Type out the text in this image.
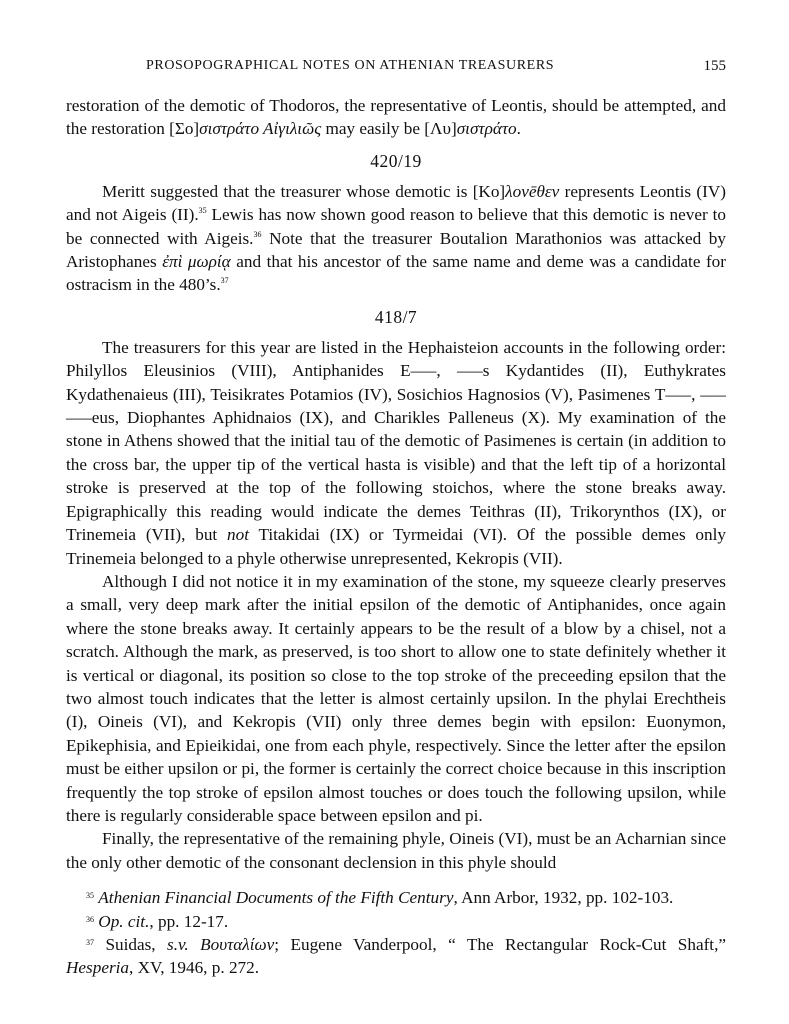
PROSOPOGRAPHICAL NOTES ON ATHENIAN TREASURERS	155

restoration of the demotic of Thodoros, the representative of Leontis, should be attempted, and the restoration [Σο]σιστράτο Αἰγιλιῶς may easily be [Λυ]σιστράτο.

420/19

Meritt suggested that the treasurer whose demotic is [Κο]λονēθεν represents Leontis (IV) and not Aigeis (II).$^{35}$ Lewis has now shown good reason to believe that this demotic is never to be connected with Aigeis.$^{36}$ Note that the treasurer Boutalion Marathonios was attacked by Aristophanes ἐπὶ μωρίᾳ and that his ancestor of the same name and deme was a candidate for ostracism in the 480’s.$^{37}$

418/7

The treasurers for this year are listed in the Hephaisteion accounts in the following order: Philyllos Eleusinios (VIII), Antiphanides E–––, –––s Kydantides (II), Euthykrates Kydathenaieus (III), Teisikrates Potamios (IV), Sosichios Hagnosios (V), Pasimenes T–––, ––– –––eus, Diophantes Aphidnaios (IX), and Charikles Palleneus (X). My examination of the stone in Athens showed that the initial tau of the demotic of Pasimenes is certain (in addition to the cross bar, the upper tip of the vertical hasta is visible) and that the left tip of a horizontal stroke is preserved at the top of the following stoichos, where the stone breaks away. Epigraphically this reading would indicate the demes Teithras (II), Trikorynthos (IX), or Trinemeia (VII), but not Titakidai (IX) or Tyrmeidai (VI). Of the possible demes only Trinemeia belonged to a phyle otherwise unrepresented, Kekropis (VII).

Although I did not notice it in my examination of the stone, my squeeze clearly preserves a small, very deep mark after the initial epsilon of the demotic of Antiphanides, once again where the stone breaks away. It certainly appears to be the result of a blow by a chisel, not a scratch. Although the mark, as preserved, is too short to allow one to state definitely whether it is vertical or diagonal, its position so close to the top stroke of the preceeding epsilon that the two almost touch indicates that the letter is almost certainly upsilon. In the phylai Erechtheis (I), Oineis (VI), and Kekropis (VII) only three demes begin with epsilon: Euonymon, Epikephisia, and Epieikidai, one from each phyle, respectively. Since the letter after the epsilon must be either upsilon or pi, the former is certainly the correct choice because in this inscription frequently the top stroke of epsilon almost touches or does touch the following upsilon, while there is regularly considerable space between epsilon and pi.

Finally, the representative of the remaining phyle, Oineis (VI), must be an Acharnian since the only other demotic of the consonant declension in this phyle should

$^{35}$ Athenian Financial Documents of the Fifth Century, Ann Arbor, 1932, pp. 102-103.

$^{36}$ Op. cit., pp. 12-17.

$^{37}$ Suidas, s.v. Βουταλίων; Eugene Vanderpool, “ The Rectangular Rock-Cut Shaft,” Hesperia, XV, 1946, p. 272.
